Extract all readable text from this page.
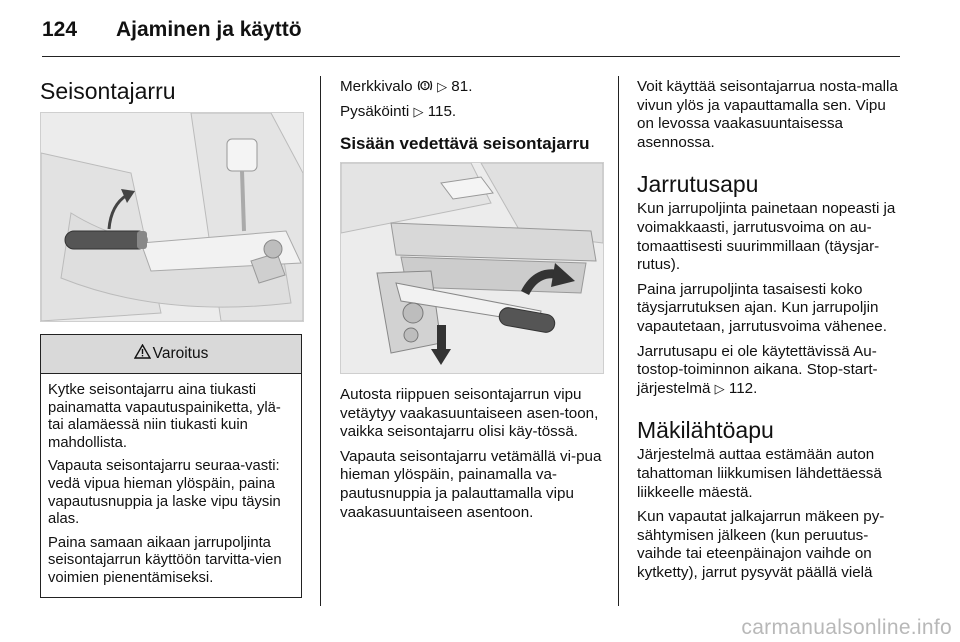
124 Ajaminen ja käyttö
Seisontajarru
Varoitus

Kytke seisontajarru aina tiukasti painamatta vapautuspainiketta, ylä- tai alamäessä niin tiukasti kuin mahdollista.

Vapauta seisontajarru seuraa-vasti: vedä vipua hieman ylöspäin, paina vapautusnuppia ja laske vipu täysin alas.

Paina samaan aikaan jarrupoljinta seisontajarrun käyttöön tarvitta-vien voimien pienentämiseksi.

Merkkivalo ▷ 81.

Pysäköinti ▷ 115.

Sisään vedettävä seisontajarru

Autosta riippuen seisontajarrun vipu vetäytyy vaakasuuntaiseen asen-toon, vaikka seisontajarru olisi käy-tössä.

Vapauta seisontajarru vetämällä vi-pua hieman ylöspäin, painamalla va-pautusnuppia ja palauttamalla vipu vaakasuuntaiseen asentoon.

Voit käyttää seisontajarrua nosta-malla vivun ylös ja vapauttamalla sen. Vipu on levossa vaakasuuntaisessa asennossa.

Jarrutusapu

Kun jarrupoljinta painetaan nopeasti ja voimakkaasti, jarrutusvoima on au-tomaattisesti suurimmillaan (täysjar-rutus).

Paina jarrupoljinta tasaisesti koko täysjarrutuksen ajan. Kun jarrupoljin vapautetaan, jarrutusvoima vähenee.

Jarrutusapu ei ole käytettävissä Au-tostop-toiminnon aikana. Stop-start-järjestelmä ▷ 112.

Mäkilähtöapu

Järjestelmä auttaa estämään auton tahattoman liikkumisen lähdettäessä liikkeelle mäestä.

Kun vapautat jalkajarrun mäkeen py-sähtymisen jälkeen (kun peruutus-vaihde tai eteenpäinajon vaihde on kytketty), jarrut pysyvät päällä vielä

carmanualsonline.info
